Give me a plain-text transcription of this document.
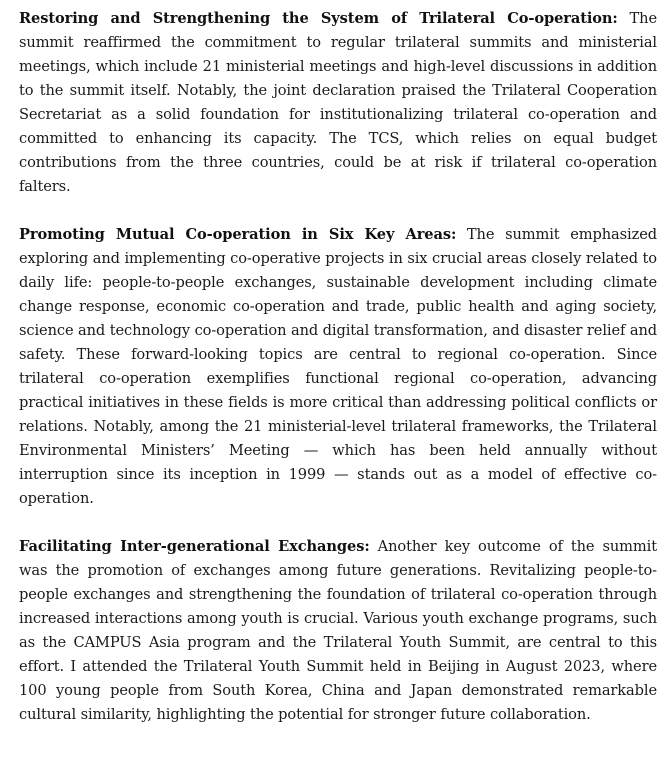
Restoring and Strengthening the System of Trilateral Co-operation: The summit reaffirmed the commitment to regular trilateral summits and ministerial meetings, which include 21 ministerial meetings and high-level discussions in addition to the summit itself. Notably, the joint declaration praised the Trilateral Cooperation Secretariat as a solid foundation for institutionalizing trilateral co-operation and committed to enhancing its capacity. The TCS, which relies on equal budget contributions from the three countries, could be at risk if trilateral co-operation falters.

Promoting Mutual Co-operation in Six Key Areas: The summit emphasized exploring and implementing co-operative projects in six crucial areas closely related to daily life: people-to-people exchanges, sustainable development including climate change response, economic co-operation and trade, public health and aging society, science and technology co-operation and digital transformation, and disaster relief and safety. These forward-looking topics are central to regional co-operation. Since trilateral co-operation exemplifies functional regional co-operation, advancing practical initiatives in these fields is more critical than addressing political conflicts or relations. Notably, among the 21 ministerial-level trilateral frameworks, the Trilateral Environmental Ministers’ Meeting — which has been held annually without interruption since its inception in 1999 — stands out as a model of effective co-operation.

Facilitating Inter-generational Exchanges: Another key outcome of the summit was the promotion of exchanges among future generations. Revitalizing people-to-people exchanges and strengthening the foundation of trilateral co-operation through increased interactions among youth is crucial. Various youth exchange programs, such as the CAMPUS Asia program and the Trilateral Youth Summit, are central to this effort. I attended the Trilateral Youth Summit held in Beijing in August 2023, where 100 young people from South Korea, China and Japan demonstrated remarkable cultural similarity, highlighting the potential for stronger future collaboration.
